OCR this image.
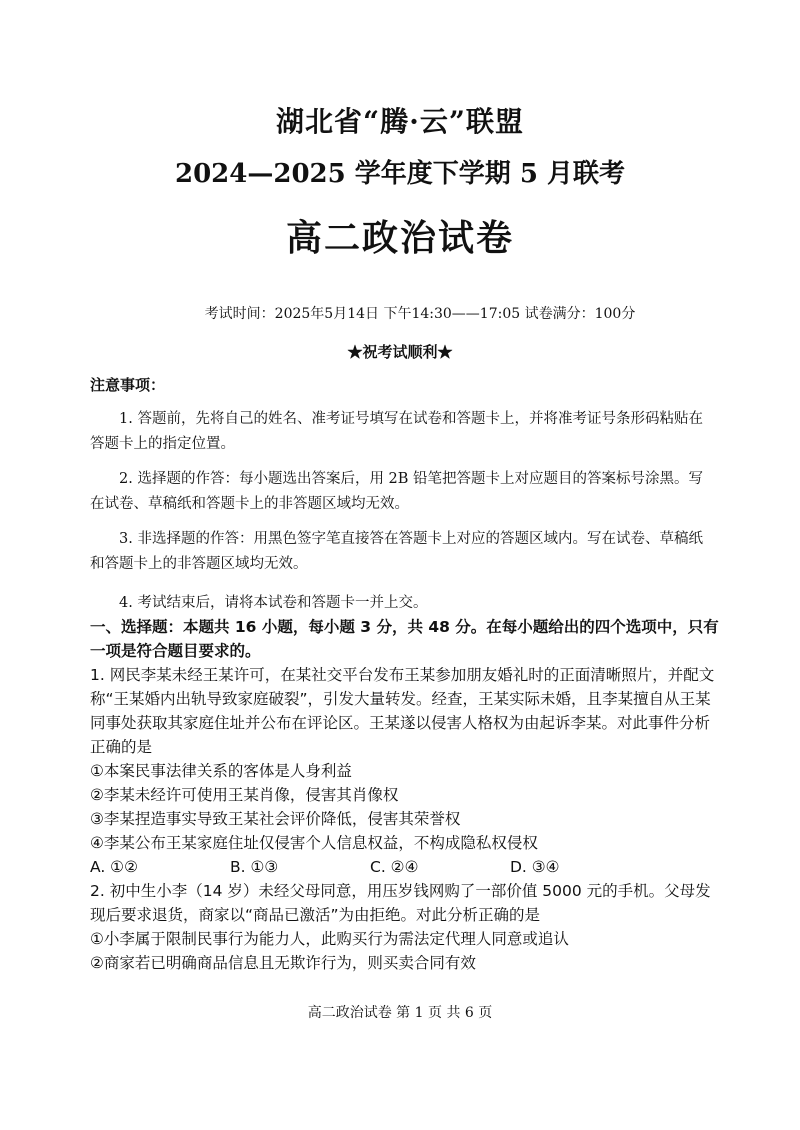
湖北省“腾·云”联盟
2024—2025 学年度下学期 5 月联考
高二政治试卷
考试时间：2025年5月14日 下午14:30——17:05 试卷满分：100分
★祝考试顺利★
注意事项：

1. 答题前，先将自己的姓名、准考证号填写在试卷和答题卡上，并将准考证号条形码粘贴在答题卡上的指定位置。

2. 选择题的作答：每小题选出答案后，用 2B 铅笔把答题卡上对应题目的答案标号涂黑。写在试卷、草稿纸和答题卡上的非答题区域均无效。

3. 非选择题的作答：用黑色签字笔直接答在答题卡上对应的答题区域内。写在试卷、草稿纸和答题卡上的非答题区域均无效。

4. 考试结束后，请将本试卷和答题卡一并上交。

一、选择题：本题共 16 小题，每小题 3 分，共 48 分。在每小题给出的四个选项中，只有一项是符合题目要求的。

1. 网民李某未经王某许可，在某社交平台发布王某参加朋友婚礼时的正面清晰照片，并配文称“王某婚内出轨导致家庭破裂”，引发大量转发。经查，王某实际未婚，且李某擅自从王某同事处获取其家庭住址并公布在评论区。王某遂以侵害人格权为由起诉李某。对此事件分析正确的是

①本案民事法律关系的客体是人身利益

②李某未经许可使用王某肖像，侵害其肖像权

③李某捏造事实导致王某社会评价降低，侵害其荣誉权

④李某公布王某家庭住址仅侵害个人信息权益，不构成隐私权侵权

A. ①②	B. ①③	C. ②④	D. ③④

2. 初中生小李（14 岁）未经父母同意，用压岁钱网购了一部价值 5000 元的手机。父母发现后要求退货，商家以“商品已激活”为由拒绝。对此分析正确的是

①小李属于限制民事行为能力人，此购买行为需法定代理人同意或追认

②商家若已明确商品信息且无欺诈行为，则买卖合同有效

高二政治试卷 第 1 页 共 6 页
